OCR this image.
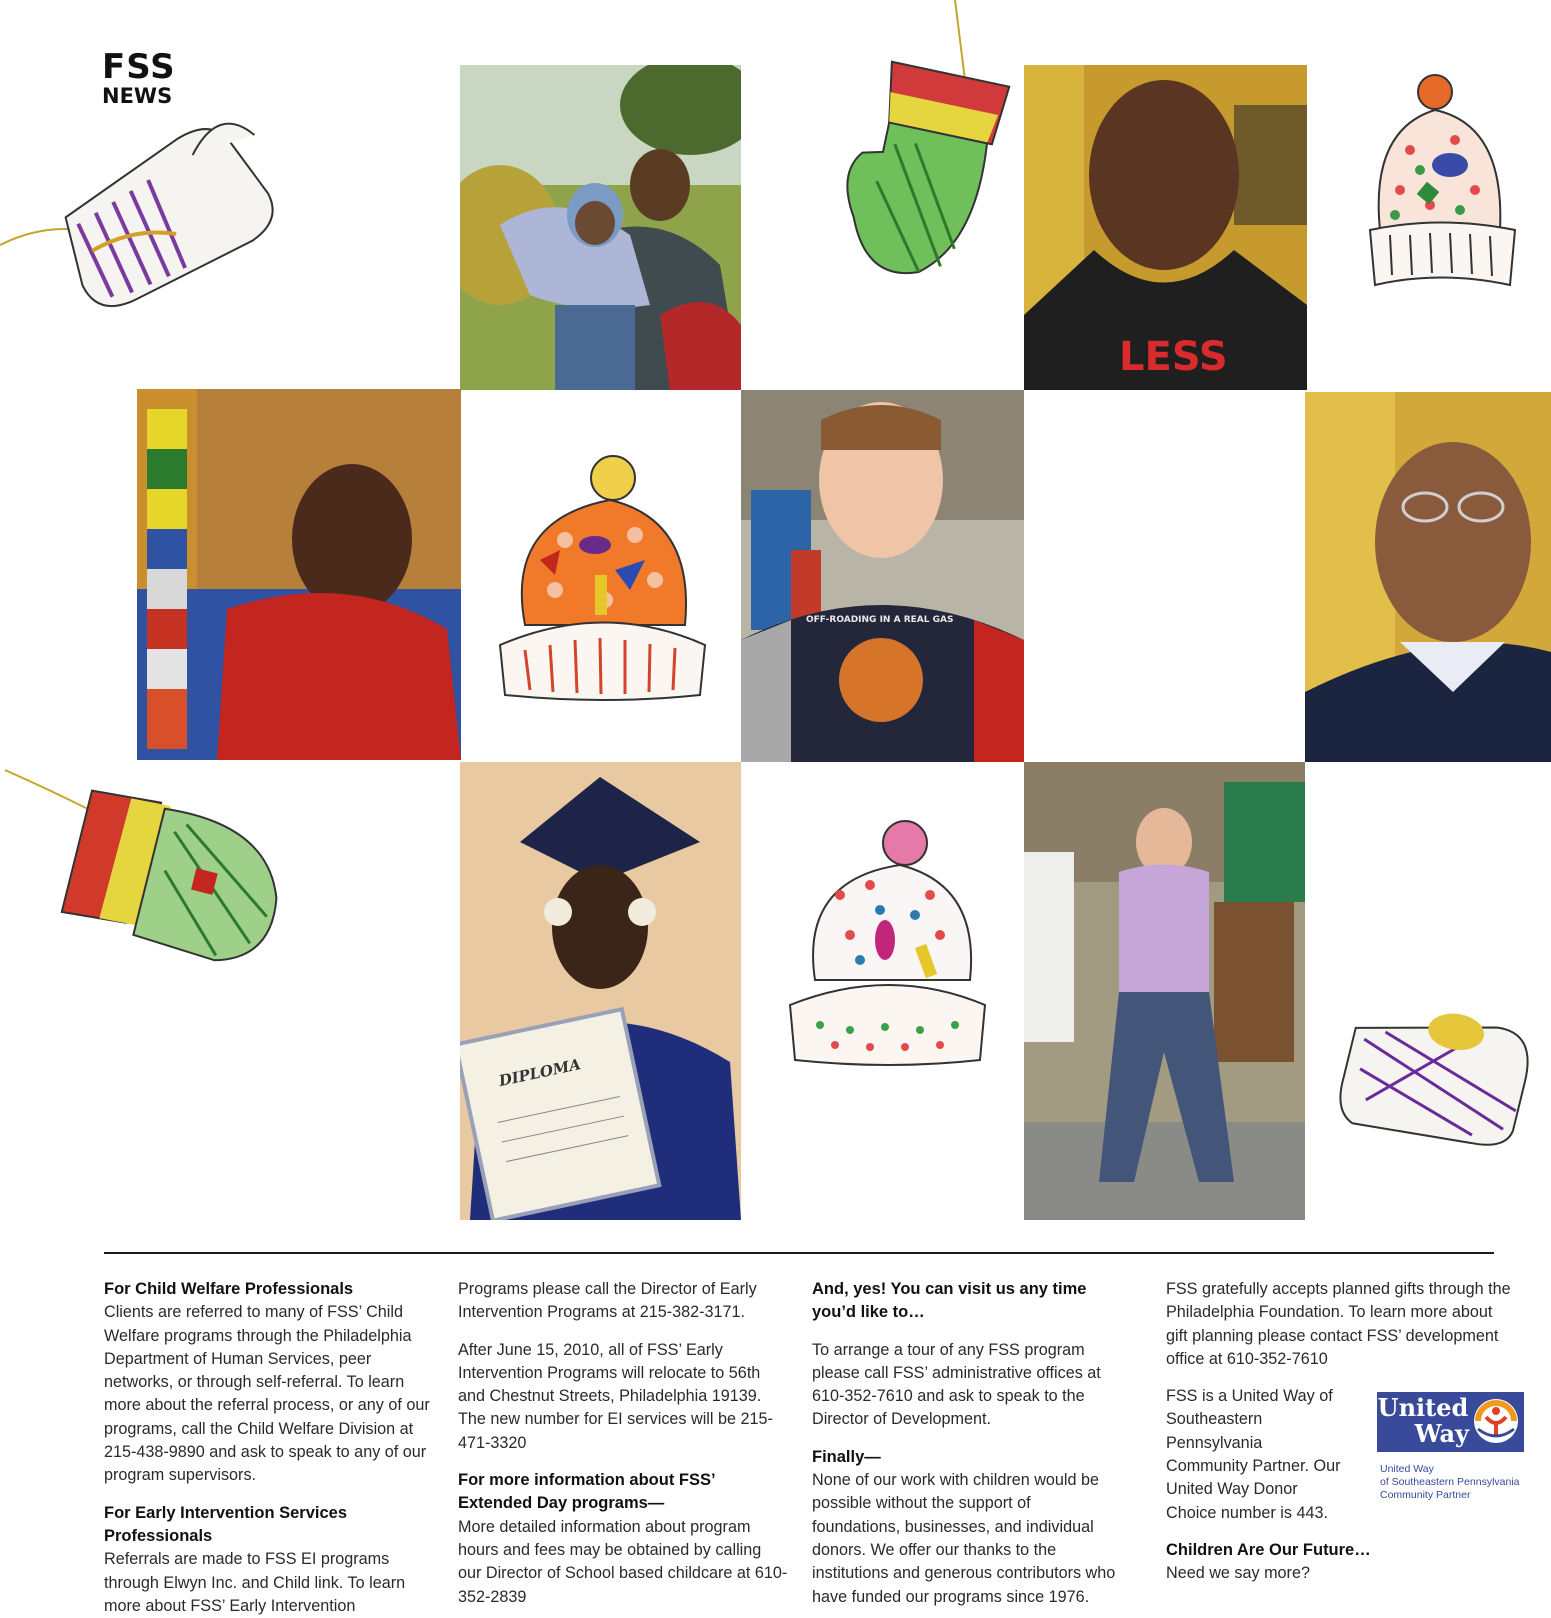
FSS
NEWS
LESS
OFF-ROADING IN A REAL GAS
DIPLOMA
For Child Welfare Professionals

Clients are referred to many of FSS’ Child Welfare programs through the Philadelphia Department of Human Services, peer networks, or through self-referral. To learn more about the referral process, or any of our programs, call the Child Welfare Division at 215-438-9890 and ask to speak to any of our program supervisors.

For Early Intervention Services Professionals

Referrals are made to FSS EI programs through Elwyn Inc. and Child link. To learn more about FSS’ Early Intervention

Programs please call the Director of Early Intervention Programs at 215-382-3171.

After June 15, 2010, all of FSS’ Early Intervention Programs will relocate to 56th and Chestnut Streets, Philadelphia 19139. The new number for EI services will be 215-471-3320

For more information about FSS’ Extended Day programs—

More detailed information about program hours and fees may be obtained by calling our Director of School based childcare at 610-352-2839

And, yes! You can visit us any time you’d like to…

To arrange a tour of any FSS program please call FSS’ administrative offices at 610-352-7610 and ask to speak to the Director of Development.

Finally—

None of our work with children would be possible without the support of foundations, businesses, and individual donors. We offer our thanks to the institutions and generous contributors who have funded our programs since 1976.

FSS gratefully accepts planned gifts through the Philadelphia Foundation. To learn more about gift planning please contact FSS’ development office at 610-352-7610

FSS is a United Way of Southeastern Pennsylvania Community Partner. Our United Way Donor Choice number is 443.

Children Are Our Future…

Need we say more?

United
Way
United Way
of Southeastern Pennsylvania
Community Partner
